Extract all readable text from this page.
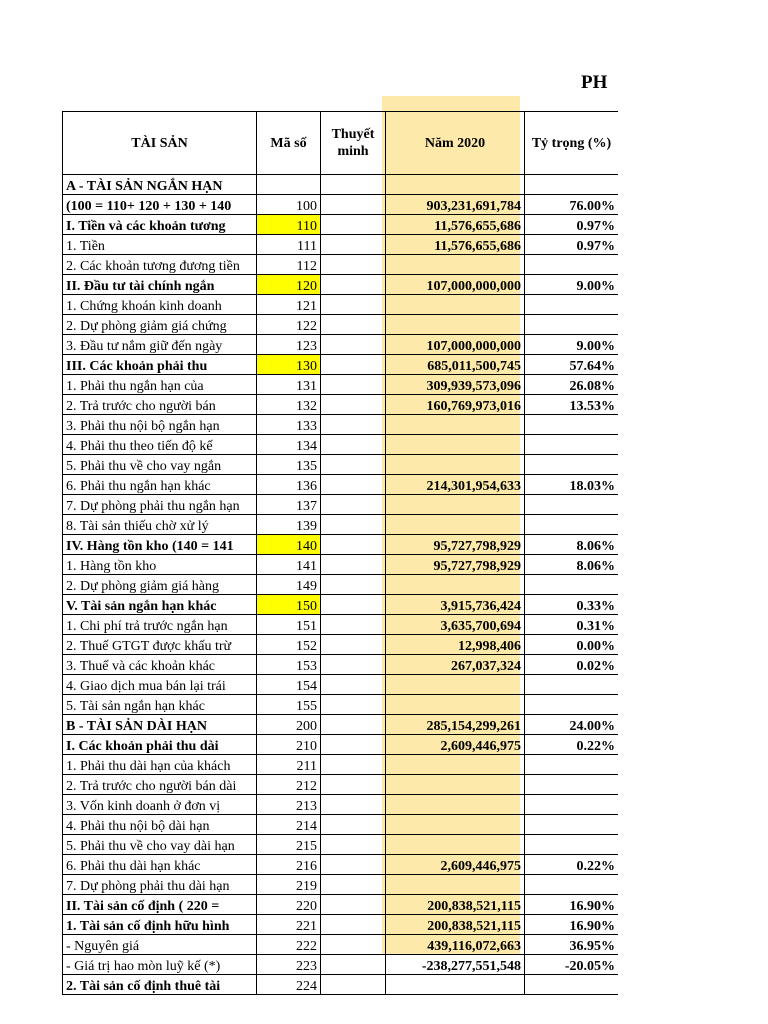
PH
TÀI SẢN	Mã số	Thuyết minh	Năm 2020	Tỷ trọng (%)
A - TÀI SẢN NGẮN HẠN				
(100 = 110+ 120 + 130 + 140	100		903,231,691,784	76.00%
I. Tiền và các khoản tương	110		11,576,655,686	0.97%
1. Tiền	111		11,576,655,686	0.97%
2. Các khoản tương đương tiền	112			
II. Đầu tư tài chính ngắn	120		107,000,000,000	9.00%
1. Chứng khoán kinh doanh	121			
2. Dự phòng giảm giá chứng	122			
3. Đầu tư nắm giữ đến ngày	123		107,000,000,000	9.00%
III. Các khoản phải thu	130		685,011,500,745	57.64%
1. Phải thu ngắn hạn của	131		309,939,573,096	26.08%
2. Trả trước cho người bán	132		160,769,973,016	13.53%
3. Phải thu nội bộ ngắn hạn	133			
4. Phải thu theo tiến độ kế	134			
5. Phải thu về cho vay ngắn	135			
6. Phải thu ngắn hạn khác	136		214,301,954,633	18.03%
7. Dự phòng phải thu ngắn hạn	137			
8. Tài sản thiếu chờ xử lý	139			
IV. Hàng tồn kho (140 = 141	140		95,727,798,929	8.06%
1. Hàng tồn kho	141		95,727,798,929	8.06%
2. Dự phòng giảm giá hàng	149			
V. Tài sản ngắn hạn khác	150		3,915,736,424	0.33%
1. Chi phí trả trước ngắn hạn	151		3,635,700,694	0.31%
2. Thuế GTGT được khấu trừ	152		12,998,406	0.00%
3. Thuế và các khoản khác	153		267,037,324	0.02%
4. Giao dịch mua bán lại trái	154			
5. Tài sản ngắn hạn khác	155			
B - TÀI SẢN DÀI HẠN	200		285,154,299,261	24.00%
I. Các khoản phải thu dài	210		2,609,446,975	0.22%
1. Phải thu dài hạn của khách	211			
2. Trả trước cho người bán dài	212			
3. Vốn kinh doanh ở đơn vị	213			
4. Phải thu nội bộ dài hạn	214			
5. Phải thu về cho vay dài hạn	215			
6. Phải thu dài hạn khác	216		2,609,446,975	0.22%
7. Dự phòng phải thu dài hạn	219			
II. Tài sản cố định ( 220 =	220		200,838,521,115	16.90%
1. Tài sản cố định hữu hình	221		200,838,521,115	16.90%
- Nguyên giá	222		439,116,072,663	36.95%
- Giá trị hao mòn luỹ kế (*)	223		-238,277,551,548	-20.05%
2. Tài sản cố định thuê tài	224			
